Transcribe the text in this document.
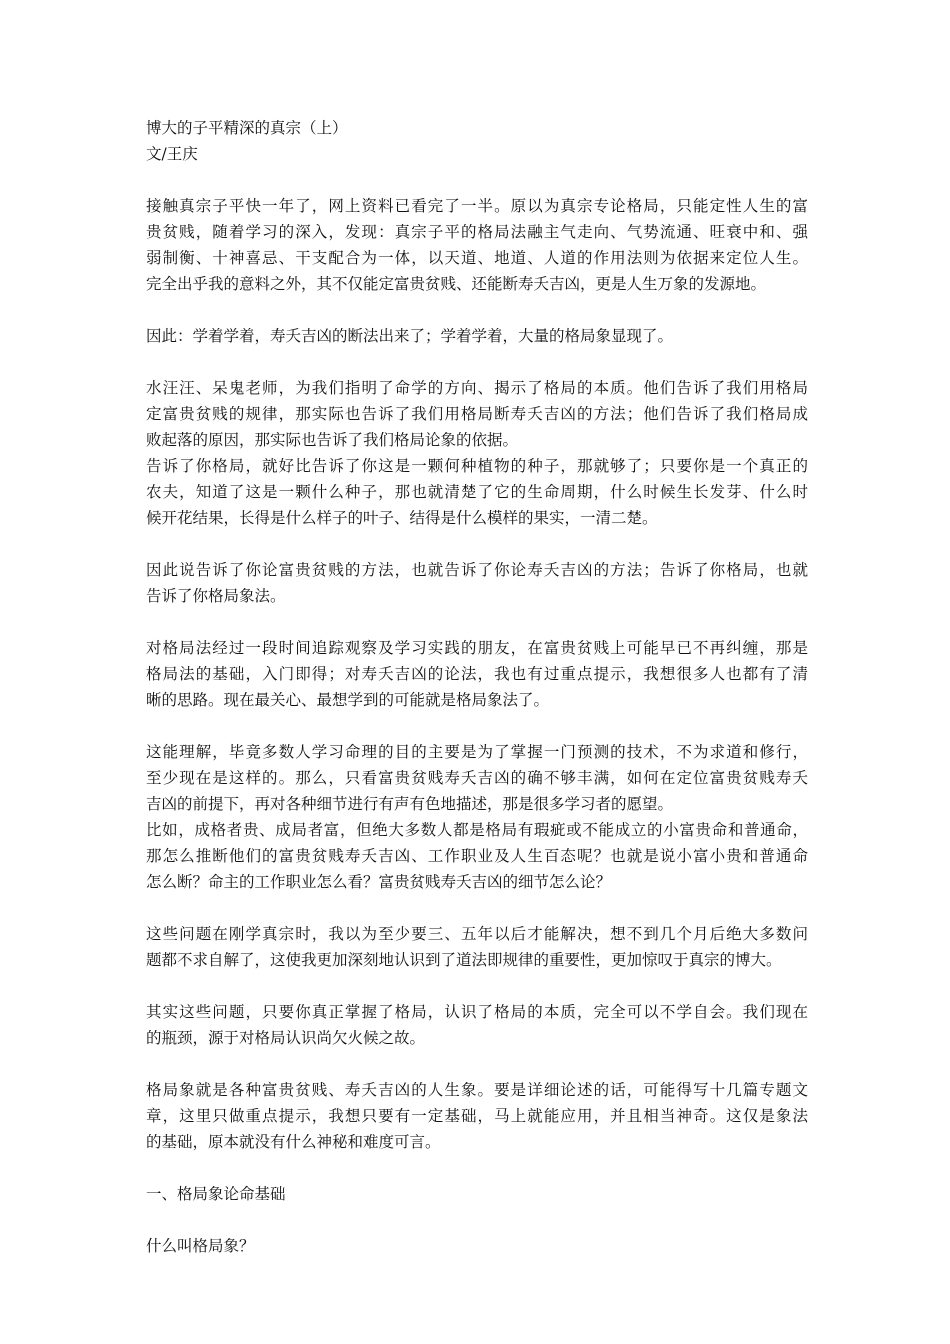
博大的子平精深的真宗（上）
文/王庆
接触真宗子平快一年了，网上资料已看完了一半。原以为真宗专论格局，只能定性人生的富
贵贫贱，随着学习的深入，发现：真宗子平的格局法融主气走向、气势流通、旺衰中和、强
弱制衡、十神喜忌、干支配合为一体，以天道、地道、人道的作用法则为依据来定位人生。
完全出乎我的意料之外，其不仅能定富贵贫贱、还能断寿夭吉凶，更是人生万象的发源地。
因此：学着学着，寿夭吉凶的断法出来了；学着学着，大量的格局象显现了。
水汪汪、呆鬼老师，为我们指明了命学的方向、揭示了格局的本质。他们告诉了我们用格局
定富贵贫贱的规律，那实际也告诉了我们用格局断寿夭吉凶的方法；他们告诉了我们格局成
败起落的原因，那实际也告诉了我们格局论象的依据。
告诉了你格局，就好比告诉了你这是一颗何种植物的种子，那就够了；只要你是一个真正的
农夫，知道了这是一颗什么种子，那也就清楚了它的生命周期，什么时候生长发芽、什么时
候开花结果，长得是什么样子的叶子、结得是什么模样的果实，一清二楚。
因此说告诉了你论富贵贫贱的方法，也就告诉了你论寿夭吉凶的方法；告诉了你格局，也就
告诉了你格局象法。
对格局法经过一段时间追踪观察及学习实践的朋友，在富贵贫贱上可能早已不再纠缠，那是
格局法的基础，入门即得；对寿夭吉凶的论法，我也有过重点提示，我想很多人也都有了清
晰的思路。现在最关心、最想学到的可能就是格局象法了。
这能理解，毕竟多数人学习命理的目的主要是为了掌握一门预测的技术，不为求道和修行，
至少现在是这样的。那么，只看富贵贫贱寿夭吉凶的确不够丰满，如何在定位富贵贫贱寿夭
吉凶的前提下，再对各种细节进行有声有色地描述，那是很多学习者的愿望。
比如，成格者贵、成局者富，但绝大多数人都是格局有瑕疵或不能成立的小富贵命和普通命，
那怎么推断他们的富贵贫贱寿夭吉凶、工作职业及人生百态呢？也就是说小富小贵和普通命
怎么断？命主的工作职业怎么看？富贵贫贱寿夭吉凶的细节怎么论？
这些问题在刚学真宗时，我以为至少要三、五年以后才能解决，想不到几个月后绝大多数问
题都不求自解了，这使我更加深刻地认识到了道法即规律的重要性，更加惊叹于真宗的博大。
其实这些问题，只要你真正掌握了格局，认识了格局的本质，完全可以不学自会。我们现在
的瓶颈，源于对格局认识尚欠火候之故。
格局象就是各种富贵贫贱、寿夭吉凶的人生象。要是详细论述的话，可能得写十几篇专题文
章，这里只做重点提示，我想只要有一定基础，马上就能应用，并且相当神奇。这仅是象法
的基础，原本就没有什么神秘和难度可言。
一、格局象论命基础
什么叫格局象？
